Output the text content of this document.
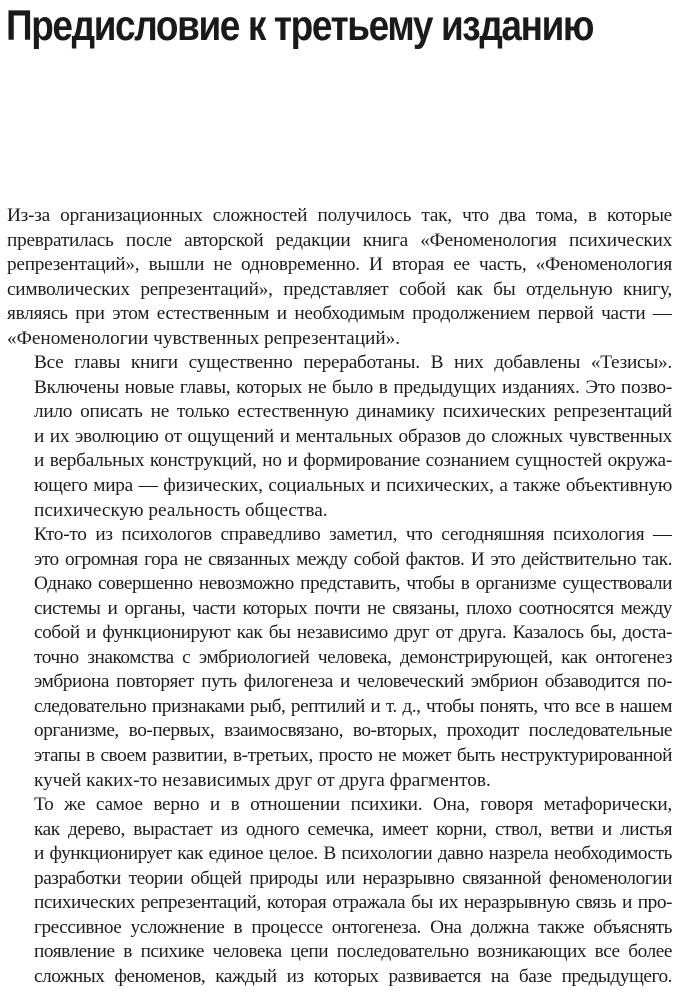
Предисловие к третьему изданию

Из-за организационных сложностей получилось так, что два тома, в которые
превратилась после авторской редакции книга «Феноменология психических
репрезентаций», вышли не одновременно. И вторая ее часть, «Феноменология
символических репрезентаций», представляет собой как бы отдельную книгу,
являясь при этом естественным и необходимым продолжением первой части —
«Феноменологии чувственных репрезентаций».

Все главы книги существенно переработаны. В них добавлены «Тезисы».
Включены новые главы, которых не было в предыдущих изданиях. Это позво-
лило описать не только естественную динамику психических репрезентаций
и их эволюцию от ощущений и ментальных образов до сложных чувственных
и вербальных конструкций, но и формирование сознанием сущностей окружа-
ющего мира — физических, социальных и психических, а также объективную
психическую реальность общества.

Кто-то из психологов справедливо заметил, что сегодняшняя психология —
это огромная гора не связанных между собой фактов. И это действительно так.
Однако совершенно невозможно представить, чтобы в организме существовали
системы и органы, части которых почти не связаны, плохо соотносятся между
собой и функционируют как бы независимо друг от друга. Казалось бы, доста-
точно знакомства с эмбриологией человека, демонстрирующей, как онтогенез
эмбриона повторяет путь филогенеза и человеческий эмбрион обзаводится по-
следовательно признаками рыб, рептилий и т. д., чтобы понять, что все в нашем
организме, во-первых, взаимосвязано, во-вторых, проходит последовательные
этапы в своем развитии, в-третьих, просто не может быть неструктурированной
кучей каких-то независимых друг от друга фрагментов.

То же самое верно и в отношении психики. Она, говоря метафорически,
как дерево, вырастает из одного семечка, имеет корни, ствол, ветви и листья
и функционирует как единое целое. В психологии давно назрела необходимость
разработки теории общей природы или неразрывно связанной феноменологии
психических репрезентаций, которая отражала бы их неразрывную связь и про-
грессивное усложнение в процессе онтогенеза. Она должна также объяснять
появление в психике человека цепи последовательно возникающих все более
сложных феноменов, каждый из которых развивается на базе предыдущего.
